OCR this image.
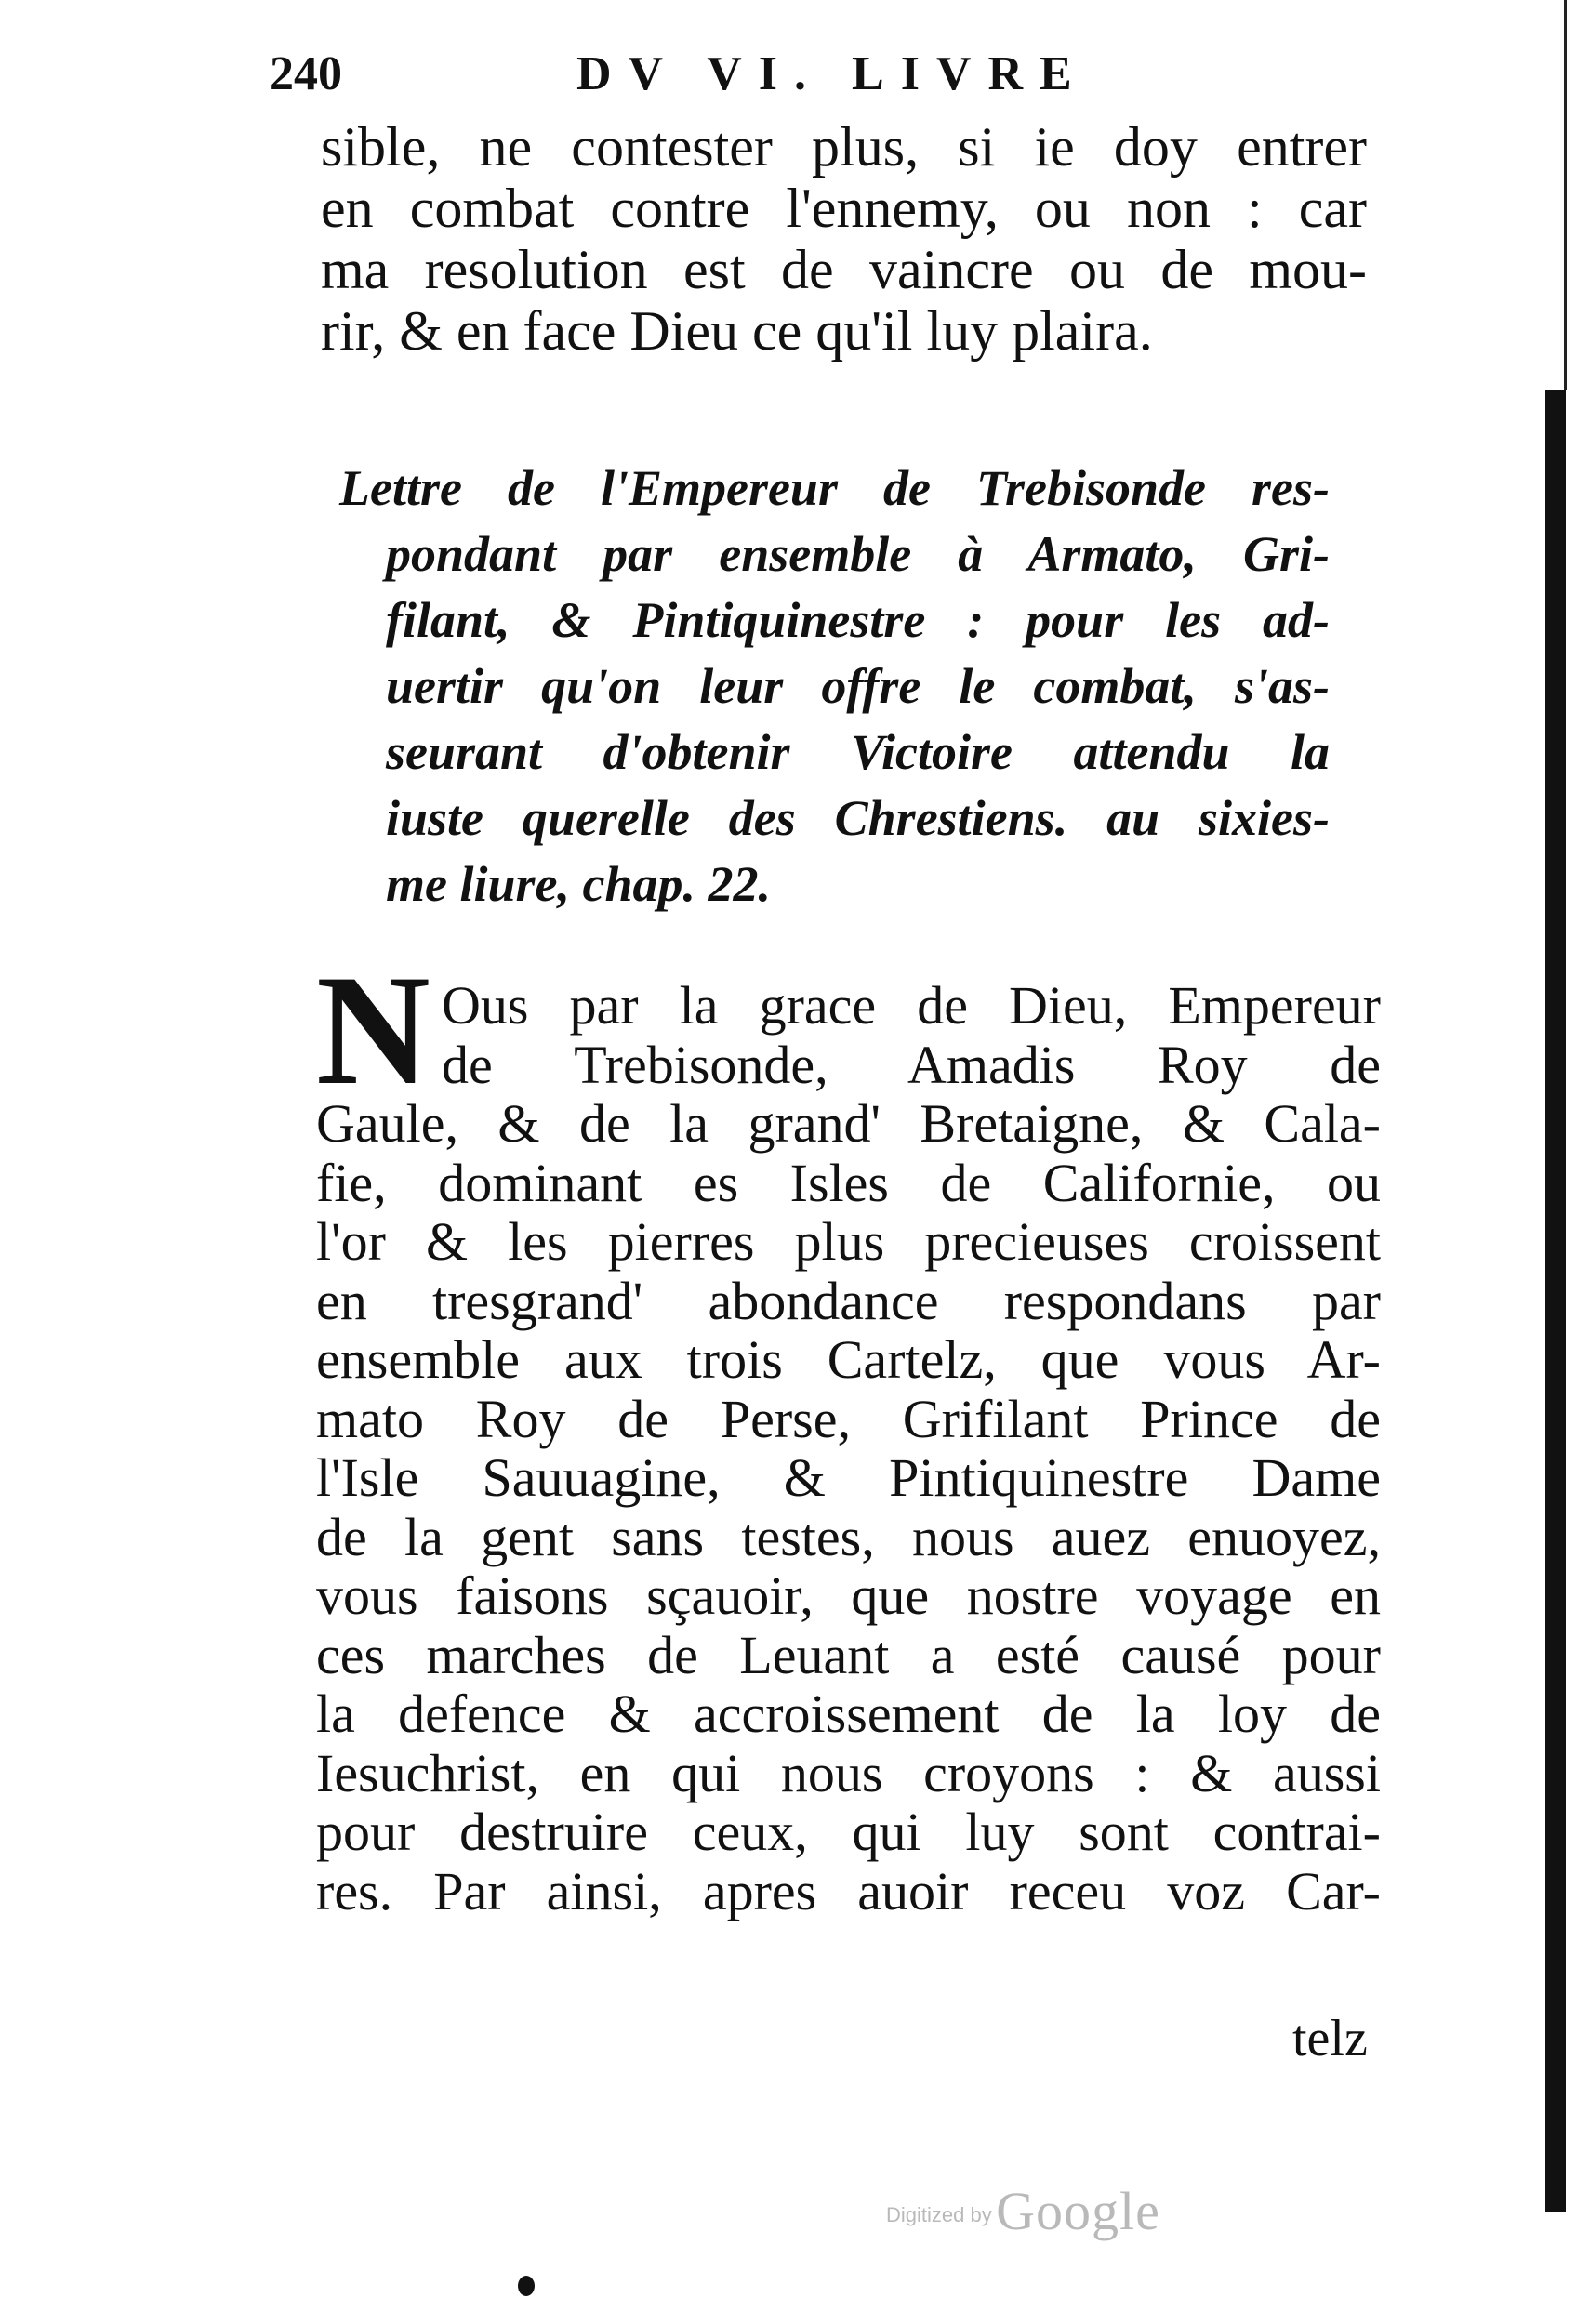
240	DV VI. LIVRE
sible, ne contester plus, si ie doy entrer
en combat contre l'ennemy, ou non : car
ma resolution est de vaincre ou de mou-
rir, & en face Dieu ce qu'il luy plaira.
Lettre de l'Empereur de Trebisonde res-
pondant par ensemble à Armato, Gri-
filant, & Pintiquinestre : pour les ad-
uertir qu'on leur offre le combat, s'as-
seurant d'obtenir Victoire attendu la
iuste querelle des Chrestiens. au sixies-
me liure, chap. 22.
N Ous par la grace de Dieu, Empereur
de Trebisonde, Amadis Roy de
Gaule, & de la grand' Bretaigne, & Cala-
fie, dominant es Isles de Californie, ou
l'or & les pierres plus precieuses croissent
en tresgrand' abondance respondans par
ensemble aux trois Cartelz, que vous Ar-
mato Roy de Perse, Grifilant Prince de
l'Isle Sauuagine, & Pintiquinestre Dame
de la gent sans testes, nous auez enuoyez,
vous faisons sçauoir, que nostre voyage en
ces marches de Leuant a esté causé pour
la defence & accroissement de la loy de
Iesuchrist, en qui nous croyons : & aussi
pour destruire ceux, qui luy sont contrai-
res. Par ainsi, apres auoir receu voz Car-
telz
Digitized by Google
